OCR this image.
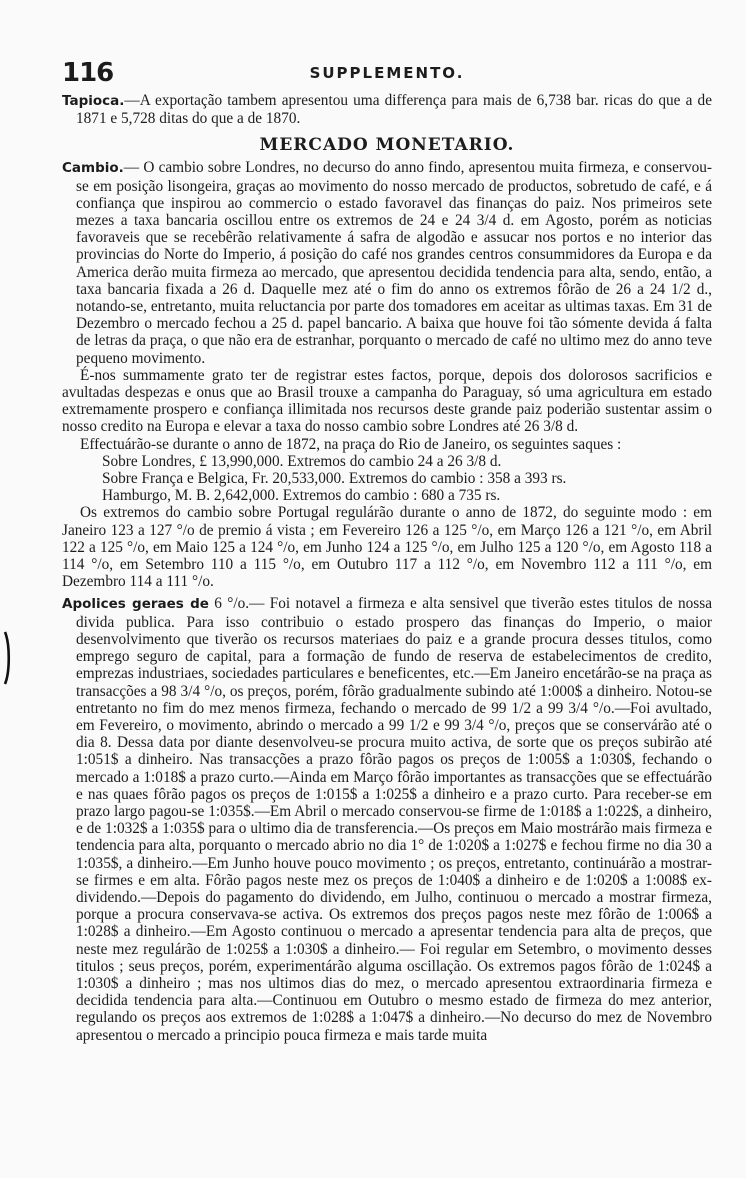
116	SUPPLEMENTO.

Tapioca.—A exportação tambem apresentou uma differença para mais de 6,738 bar. ricas do que a de 1871 e 5,728 ditas do que a de 1870.

MERCADO MONETARIO.

Cambio.— O cambio sobre Londres, no decurso do anno findo, apresentou muita firmeza, e conservou-se em posição lisongeira, graças ao movimento do nosso mercado de productos, sobretudo de café, e á confiança que inspirou ao commercio o estado favoravel das finanças do paiz. Nos primeiros sete mezes a taxa bancaria oscillou entre os extremos de 24 e 24 3/4 d. em Agosto, porém as noticias favoraveis que se recebêrão relativamente á safra de algodão e assucar nos portos e no interior das provincias do Norte do Imperio, á posição do café nos grandes centros consummidores da Europa e da America derão muita firmeza ao mercado, que apresentou decidida tendencia para alta, sendo, então, a taxa bancaria fixada a 26 d. Daquelle mez até o fim do anno os extremos fôrão de 26 a 24 1/2 d., notando-se, entretanto, muita reluctancia por parte dos tomadores em aceitar as ultimas taxas. Em 31 de Dezembro o mercado fechou a 25 d. papel bancario. A baixa que houve foi tão sómente devida á falta de letras da praça, o que não era de estranhar, porquanto o mercado de café no ultimo mez do anno teve pequeno movimento.

É-nos summamente grato ter de registrar estes factos, porque, depois dos dolorosos sacrificios e avultadas despezas e onus que ao Brasil trouxe a campanha do Paraguay, só uma agricultura em estado extremamente prospero e confiança illimitada nos recursos deste grande paiz poderião sustentar assim o nosso credito na Europa e elevar a taxa do nosso cambio sobre Londres até 26 3/8 d.

Effectuárão-se durante o anno de 1872, na praça do Rio de Janeiro, os seguintes saques :

Sobre Londres, £ 13,990,000. Extremos do cambio 24 a 26 3/8 d.
Sobre França e Belgica, Fr. 20,533,000. Extremos do cambio : 358 a 393 rs.
Hamburgo, M. B. 2,642,000. Extremos do cambio : 680 a 735 rs.

Os extremos do cambio sobre Portugal regulárão durante o anno de 1872, do seguinte modo : em Janeiro 123 a 127 °/o de premio á vista ; em Fevereiro 126 a 125 °/o, em Março 126 a 121 °/o, em Abril 122 a 125 °/o, em Maio 125 a 124 °/o, em Junho 124 a 125 °/o, em Julho 125 a 120 °/o, em Agosto 118 a 114 °/o, em Setembro 110 a 115 °/o, em Outubro 117 a 112 °/o, em Novembro 112 a 111 °/o, em Dezembro 114 a 111 °/o.

Apolices geraes de 6 °/o.— Foi notavel a firmeza e alta sensivel que tiverão estes titulos de nossa divida publica. Para isso contribuio o estado prospero das finanças do Imperio, o maior desenvolvimento que tiverão os recursos materiaes do paiz e a grande procura desses titulos, como emprego seguro de capital, para a formação de fundo de reserva de estabelecimentos de credito, emprezas industriaes, sociedades particulares e beneficentes, etc.—Em Janeiro encetárão-se na praça as transacções a 98 3/4 °/o, os preços, porém, fôrão gradualmente subindo até 1:000$ a dinheiro. Notou-se entretanto no fim do mez menos firmeza, fechando o mercado de 99 1/2 a 99 3/4 °/o.—Foi avultado, em Fevereiro, o movimento, abrindo o mercado a 99 1/2 e 99 3/4 °/o, preços que se conservárão até o dia 8. Dessa data por diante desenvolveu-se procura muito activa, de sorte que os preços subirão até 1:051$ a dinheiro. Nas transacções a prazo fôrão pagos os preços de 1:005$ a 1:030$, fechando o mercado a 1:018$ a prazo curto.—Ainda em Março fôrão importantes as transacções que se effectuárão e nas quaes fôrão pagos os preços de 1:015$ a 1:025$ a dinheiro e a prazo curto. Para receber-se em prazo largo pagou-se 1:035$.—Em Abril o mercado conservou-se firme de 1:018$ a 1:022$, a dinheiro, e de 1:032$ a 1:035$ para o ultimo dia de transferencia.—Os preços em Maio mostrárão mais firmeza e tendencia para alta, porquanto o mercado abrio no dia 1° de 1:020$ a 1:027$ e fechou firme no dia 30 a 1:035$, a dinheiro.—Em Junho houve pouco movimento ; os preços, entretanto, continuárão a mostrar-se firmes e em alta. Fôrão pagos neste mez os preços de 1:040$ a dinheiro e de 1:020$ a 1:008$ ex-dividendo.—Depois do pagamento do dividendo, em Julho, continuou o mercado a mostrar firmeza, porque a procura conservava-se activa. Os extremos dos preços pagos neste mez fôrão de 1:006$ a 1:028$ a dinheiro.—Em Agosto continuou o mercado a apresentar tendencia para alta de preços, que neste mez regulárão de 1:025$ a 1:030$ a dinheiro.— Foi regular em Setembro, o movimento desses titulos ; seus preços, porém, experimentárão alguma oscillação. Os extremos pagos fôrão de 1:024$ a 1:030$ a dinheiro ; mas nos ultimos dias do mez, o mercado apresentou extraordinaria firmeza e decidida tendencia para alta.—Continuou em Outubro o mesmo estado de firmeza do mez anterior, regulando os preços aos extremos de 1:028$ a 1:047$ a dinheiro.—No decurso do mez de Novembro apresentou o mercado a principio pouca firmeza e mais tarde muita
